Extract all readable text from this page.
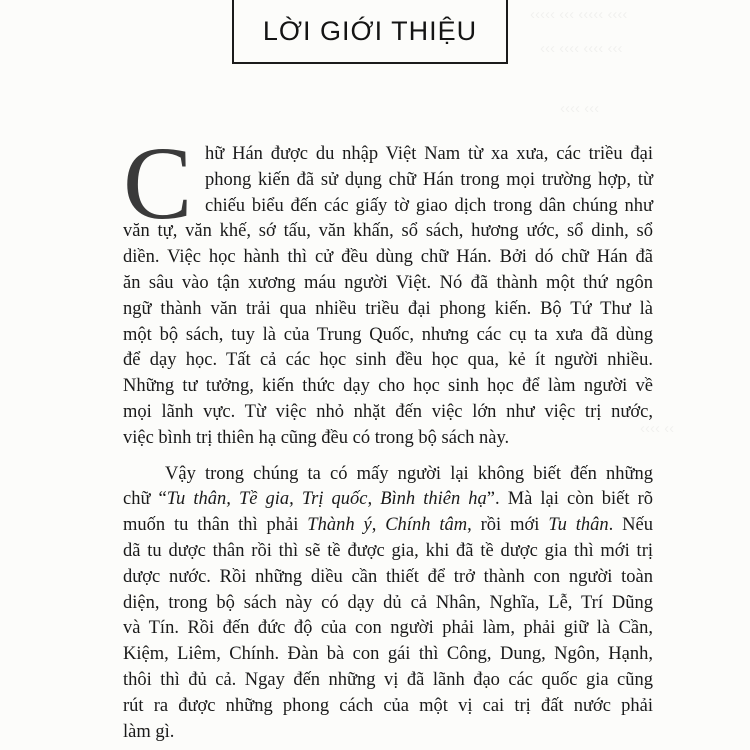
LỜI GIỚI THIỆU
C hữ Hán được du nhập Việt Nam từ xa xưa, các triều đại
phong kiến đã sử dụng chữ Hán trong mọi trường hợp, từ
chiếu biểu đến các giấy tờ giao dịch trong dân chúng như
văn tự, văn khế, sớ tấu, văn khấn, sổ sách, hương ước, sổ dinh, sổ
diền. Việc học hành thì cử đều dùng chữ Hán. Bởi dó chữ Hán đã
ăn sâu vào tận xương máu người Việt. Nó đã thành một thứ ngôn
ngữ thành văn trải qua nhiều triều đại phong kiến. Bộ Tứ Thư là
một bộ sách, tuy là của Trung Quốc, nhưng các cụ ta xưa đã dùng
để dạy học. Tất cả các học sinh đều học qua, kẻ ít người nhiều.
Những tư tưởng, kiến thức dạy cho học sinh học để làm người về
mọi lãnh vực. Từ việc nhỏ nhặt đến việc lớn như việc trị nước,
việc bình trị thiên hạ cũng đều có trong bộ sách này.
Vậy trong chúng ta có mấy người lại không biết đến những
chữ “Tu thân, Tề gia, Trị quốc, Bình thiên hạ”. Mà lại còn biết rõ
muốn tu thân thì phải Thành ý, Chính tâm, rồi mới Tu thân. Nếu
dã tu dược thân rồi thì sẽ tề được gia, khi đã tề dược gia thì mới trị
dược nước. Rồi những diều cần thiết để trở thành con người toàn
diện, trong bộ sách này có dạy dủ cả Nhân, Nghĩa, Lễ, Trí Dũng
và Tín. Rồi đến đức độ của con người phải làm, phải giữ là Cần,
Kiệm, Liêm, Chính. Đàn bà con gái thì Công, Dung, Ngôn, Hạnh,
thôi thì đủ cả. Ngay đến những vị đã lãnh đạo các quốc gia cũng
rút ra được những phong cách của một vị cai trị đất nước phải
làm gì.
